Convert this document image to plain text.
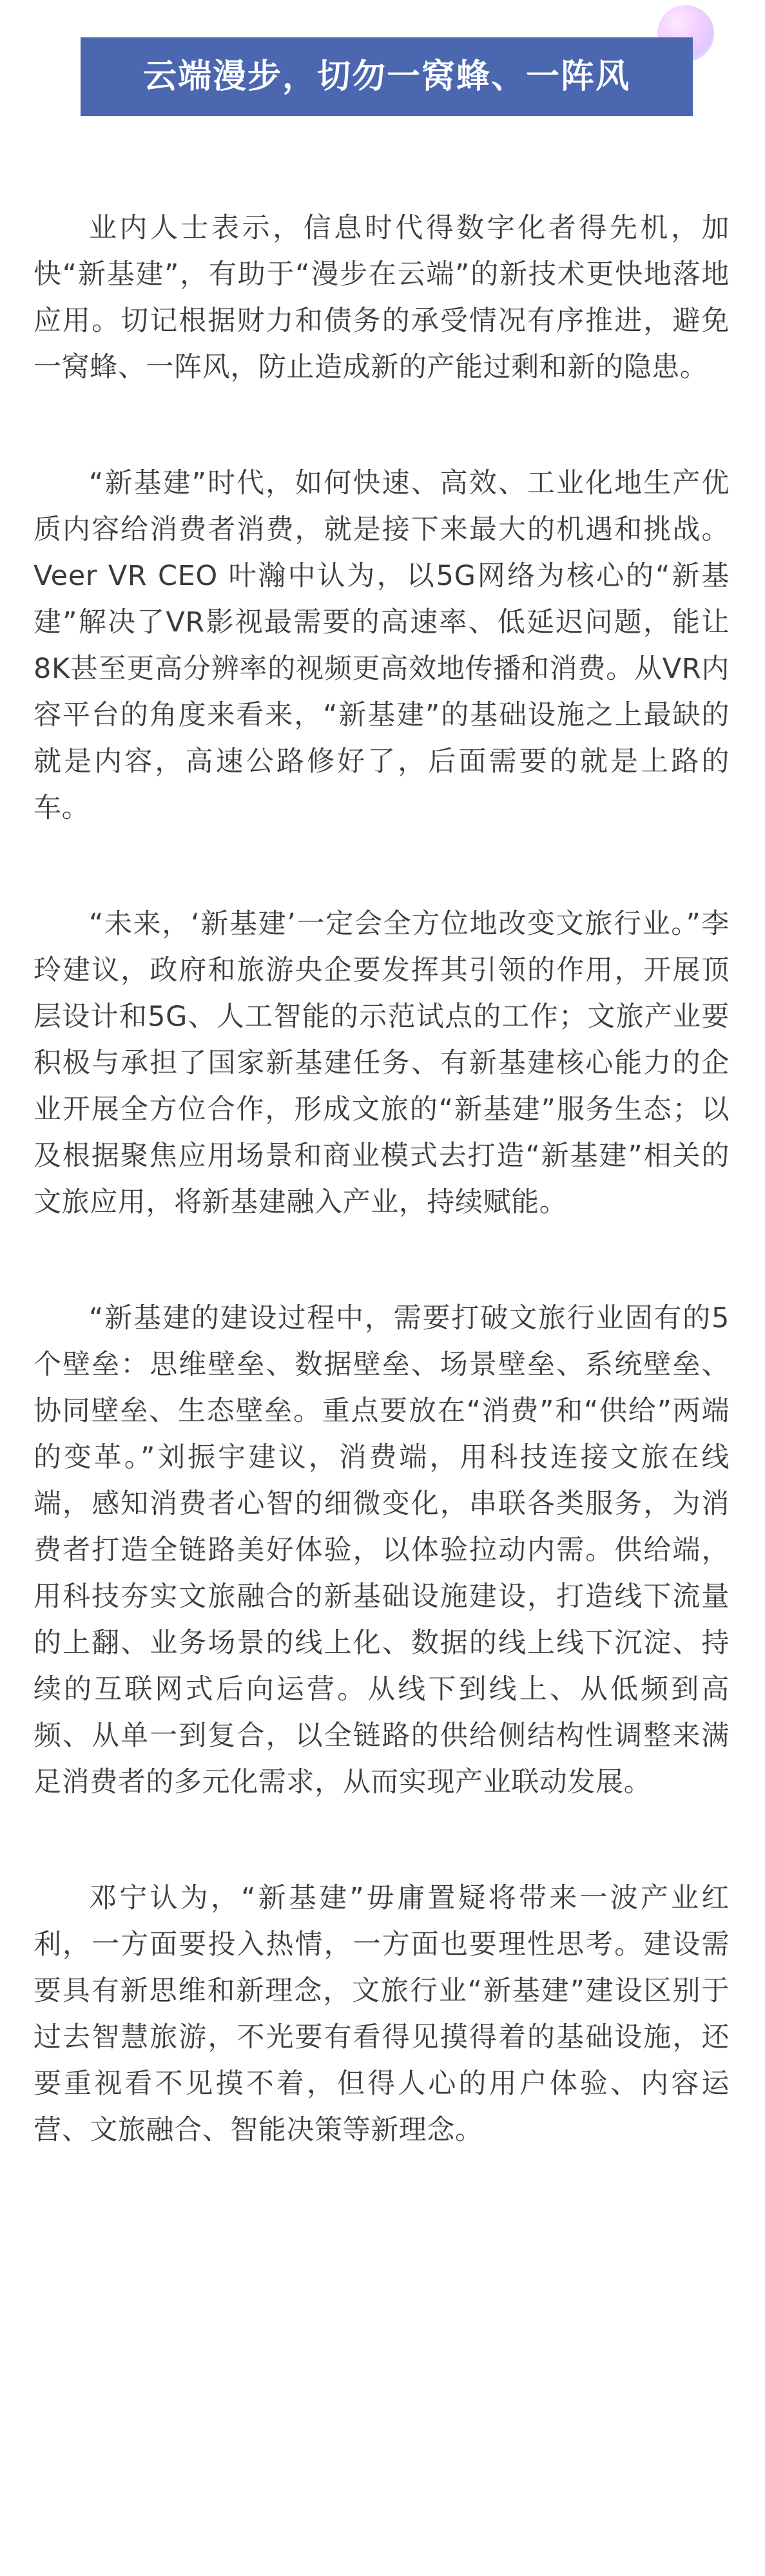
云端漫步，切勿一窝蜂、一阵风

业内人士表示，信息时代得数字化者得先机，加快“新基建”，有助于“漫步在云端”的新技术更快地落地应用。切记根据财力和债务的承受情况有序推进，避免一窝蜂、一阵风，防止造成新的产能过剩和新的隐患。

“新基建”时代，如何快速、高效、工业化地生产优质内容给消费者消费，就是接下来最大的机遇和挑战。Veer VR CEO 叶瀚中认为，以5G网络为核心的“新基建”解决了VR影视最需要的高速率、低延迟问题，能让8K甚至更高分辨率的视频更高效地传播和消费。从VR内容平台的角度来看来，“新基建”的基础设施之上最缺的就是内容，高速公路修好了，后面需要的就是上路的车。

“未来，‘新基建’一定会全方位地改变文旅行业。”李玲建议，政府和旅游央企要发挥其引领的作用，开展顶层设计和5G、人工智能的示范试点的工作；文旅产业要积极与承担了国家新基建任务、有新基建核心能力的企业开展全方位合作，形成文旅的“新基建”服务生态；以及根据聚焦应用场景和商业模式去打造“新基建”相关的文旅应用，将新基建融入产业，持续赋能。

“新基建的建设过程中，需要打破文旅行业固有的5个壁垒：思维壁垒、数据壁垒、场景壁垒、系统壁垒、协同壁垒、生态壁垒。重点要放在“消费”和“供给”两端的变革。”刘振宇建议，消费端，用科技连接文旅在线端，感知消费者心智的细微变化，串联各类服务，为消费者打造全链路美好体验，以体验拉动内需。供给端，用科技夯实文旅融合的新基础设施建设，打造线下流量的上翻、业务场景的线上化、数据的线上线下沉淀、持续的互联网式后向运营。从线下到线上、从低频到高频、从单一到复合，以全链路的供给侧结构性调整来满足消费者的多元化需求，从而实现产业联动发展。

邓宁认为，“新基建”毋庸置疑将带来一波产业红利，一方面要投入热情，一方面也要理性思考。建设需要具有新思维和新理念，文旅行业“新基建”建设区别于过去智慧旅游，不光要有看得见摸得着的基础设施，还要重视看不见摸不着，但得人心的用户体验、内容运营、文旅融合、智能决策等新理念。
